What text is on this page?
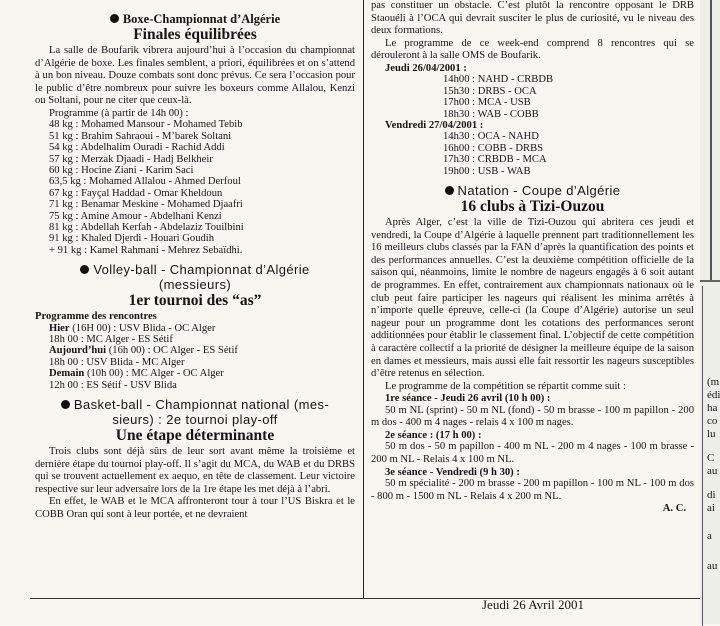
Boxe-Championnat d’Algérie
Finales équilibrées

La salle de Boufarik vibrera aujourd’hui à l’occasion du championnat d’Algérie de boxe. Les finales semblent, a priori, équilibrées et on s’attend à un bon niveau. Douze combats sont donc prévus. Ce sera l’occasion pour le public d’être nombreux pour suivre les boxeurs comme Allalou, Kenzi ou Soltani, pour ne citer que ceux-là.

Programme (à partir de 14h 00) :
48 kg : Mohamed Mansour - Mohamed Tebib
51 kg : Brahim Sahraoui - M’barek Soltani
54 kg : Abdelhalim Ouradi - Rachid Addi
57 kg : Merzak Djaadi - Hadj Belkheir
60 kg : Hocine Ziani - Karim Saci
63,5 kg : Mohamed Allalou - Ahmed Derfoul
67 kg : Fayçal Haddad - Omar Kheldoun
71 kg : Benamar Meskine - Mohamed Djaafri
75 kg : Amine Amour - Abdelhani Kenzi
81 kg : Abdellah Kerfah - Abdelaziz Touilbini
91 kg : Khaled Djerdi - Houari Goudih
+ 91 kg : Kamel Rahmani - Mehrez Sebaïdhi.
Volley-ball - Championnat d’Algérie
(messieurs)
1er tournoi des “as”
Programme des rencontres
Hier (16H 00) : USV Blida - OC Alger
18h 00 : MC Alger - ES Sétif
Aujourd’hui (16h 00) : OC Alger - ES Sétif
18h 00 : USV Blida - MC Alger
Demain (10h 00) : MC Alger - OC Alger
12h 00 : ES Sétif - USV Blida
Basket-ball - Championnat national (mes-
sieurs) : 2e tournoi play-off
Une étape déterminante

Trois clubs sont déjà sûrs de leur sort avant même la troisième et dernière étape du tournoi play-off. Il s’agit du MCA, du WAB et du DRBS qui se trouvent actuellement ex aequo, en tête de classement. Leur victoire respective sur leur adversaire lors de la 1re étape les met déjà à l’abri.

En effet, le WAB et le MCA affronteront tour à tour l’US Biskra et le COBB Oran qui sont à leur portée, et ne devraient

pas constituer un obstacle. C’est plutôt la rencontre opposant le DRB Staouéli à l’OCA qui devrait susciter le plus de curiosité, vu le niveau des deux formations.

Le programme de ce week-end comprend 8 rencontres qui se dérouleront à la salle OMS de Boufarik.

Jeudi 26/04/2001 :
14h00 : NAHD - CRBDB
15h30 : DRBS - OCA
17h00 : MCA - USB
18h30 : WAB - COBB
Vendredi 27/04/2001 :
14h30 : OCA - NAHD
16h00 : COBB - DRBS
17h30 : CRBDB - MCA
19h00 : USB - WAB
Natation - Coupe d’Algérie
16 clubs à Tizi-Ouzou

Après Alger, c’est la ville de Tizi-Ouzou qui abritera ces jeudi et vendredi, la Coupe d’Algérie à laquelle prennent part traditionnellement les 16 meilleurs clubs classés par la FAN d’après la quantification des points et des performances annuelles. C’est la deuxième compétition officielle de la saison qui, néanmoins, limite le nombre de nageurs engagés à 6 soit autant de programmes. En effet, contrairement aux championnats nationaux où le club peut faire participer les nageurs qui réalisent les minima arrêtés à n’importe quelle épreuve, celle-ci (la Coupe d’Algérie) autorise un seul nageur pour un programme dont les cotations des performances seront additionnées pour établir le classement final. L’objectif de cette compétition à caractère collectif a la priorité de désigner la meilleure équipe de la saison en dames et messieurs, mais aussi elle fait ressortir les nageurs susceptibles d’être retenus en sélection.

Le programme de la compétition se répartit comme suit :

1re séance - Jeudi 26 avril (10 h 00) :

50 m NL (sprint) - 50 m NL (fond) - 50 m brasse - 100 m papillon - 200 m dos - 400 m 4 nages - relais 4 x 100 m nages.

2e séance : (17 h 00) :

50 m dos - 50 m papillon - 400 m NL - 200 m 4 nages - 100 m brasse - 200 m NL - Relais 4 x 100 m NL.

3e séance - Vendredi (9 h 30) :

50 m spécialité - 200 m brasse - 200 m papillon - 100 m NL - 100 m dos - 800 m - 1500 m NL - Relais 4 x 200 m NL.

A. C.
Jeudi 26 Avril 2001
(m
édi
ha
co
lu
C
au
di
ai
a
au
